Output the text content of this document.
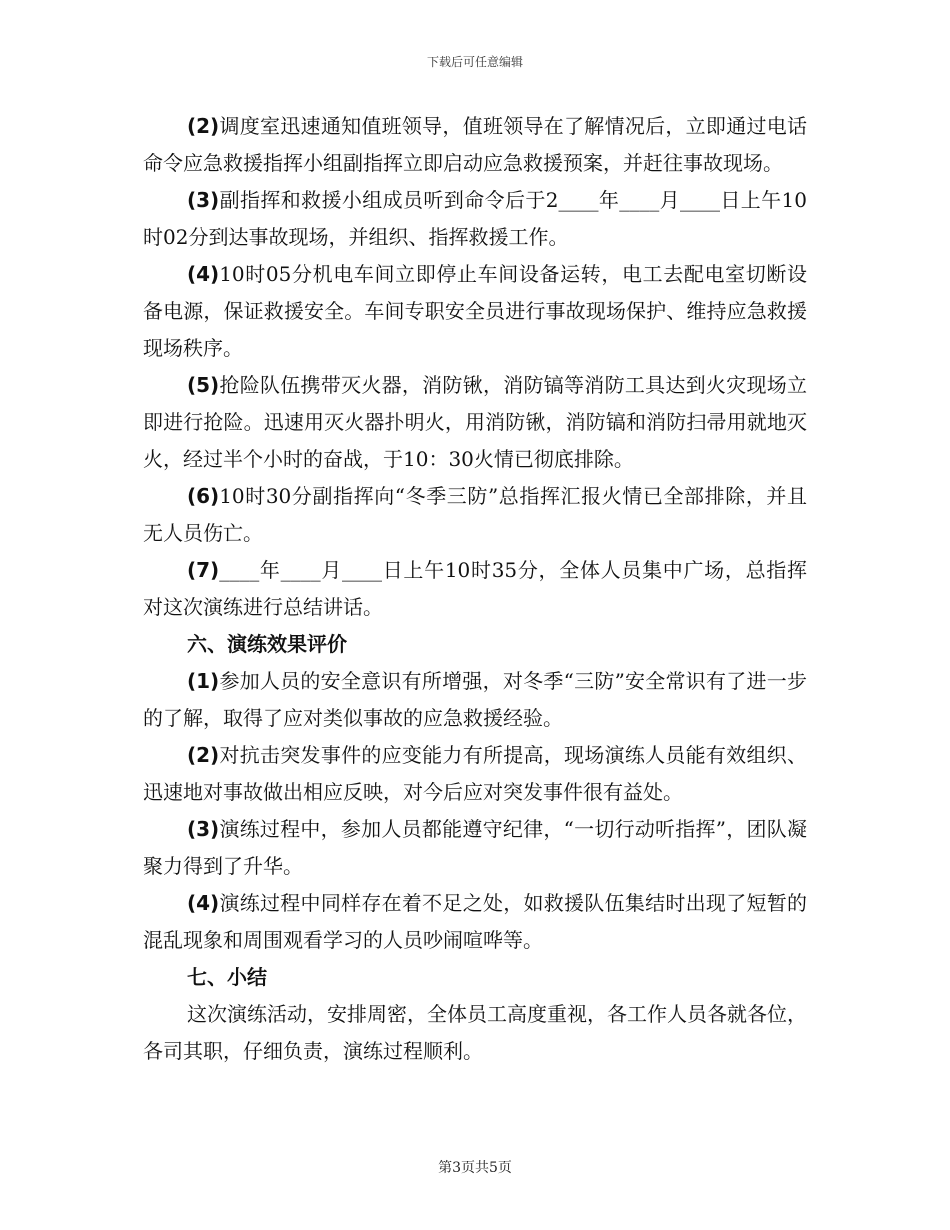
下载后可任意编辑

(2)调度室迅速通知值班领导，值班领导在了解情况后，立即通过电话命令应急救援指挥小组副指挥立即启动应急救援预案，并赶往事故现场。

(3)副指挥和救援小组成员听到命令后于2____年____月____日上午10时02分到达事故现场，并组织、指挥救援工作。

(4)10时05分机电车间立即停止车间设备运转，电工去配电室切断设备电源，保证救援安全。车间专职安全员进行事故现场保护、维持应急救援现场秩序。

(5)抢险队伍携带灭火器，消防锹，消防镐等消防工具达到火灾现场立即进行抢险。迅速用灭火器扑明火，用消防锹，消防镐和消防扫帚用就地灭火，经过半个小时的奋战，于10：30火情已彻底排除。

(6)10时30分副指挥向“冬季三防”总指挥汇报火情已全部排除，并且无人员伤亡。

(7)____年____月____日上午10时35分，全体人员集中广场，总指挥对这次演练进行总结讲话。

六、演练效果评价

(1)参加人员的安全意识有所增强，对冬季“三防”安全常识有了进一步的了解，取得了应对类似事故的应急救援经验。

(2)对抗击突发事件的应变能力有所提高，现场演练人员能有效组织、迅速地对事故做出相应反映，对今后应对突发事件很有益处。

(3)演练过程中，参加人员都能遵守纪律，“一切行动听指挥”，团队凝聚力得到了升华。

(4)演练过程中同样存在着不足之处，如救援队伍集结时出现了短暂的混乱现象和周围观看学习的人员吵闹喧哗等。

七、小结

这次演练活动，安排周密，全体员工高度重视，各工作人员各就各位，各司其职，仔细负责，演练过程顺利。

第3页共5页
